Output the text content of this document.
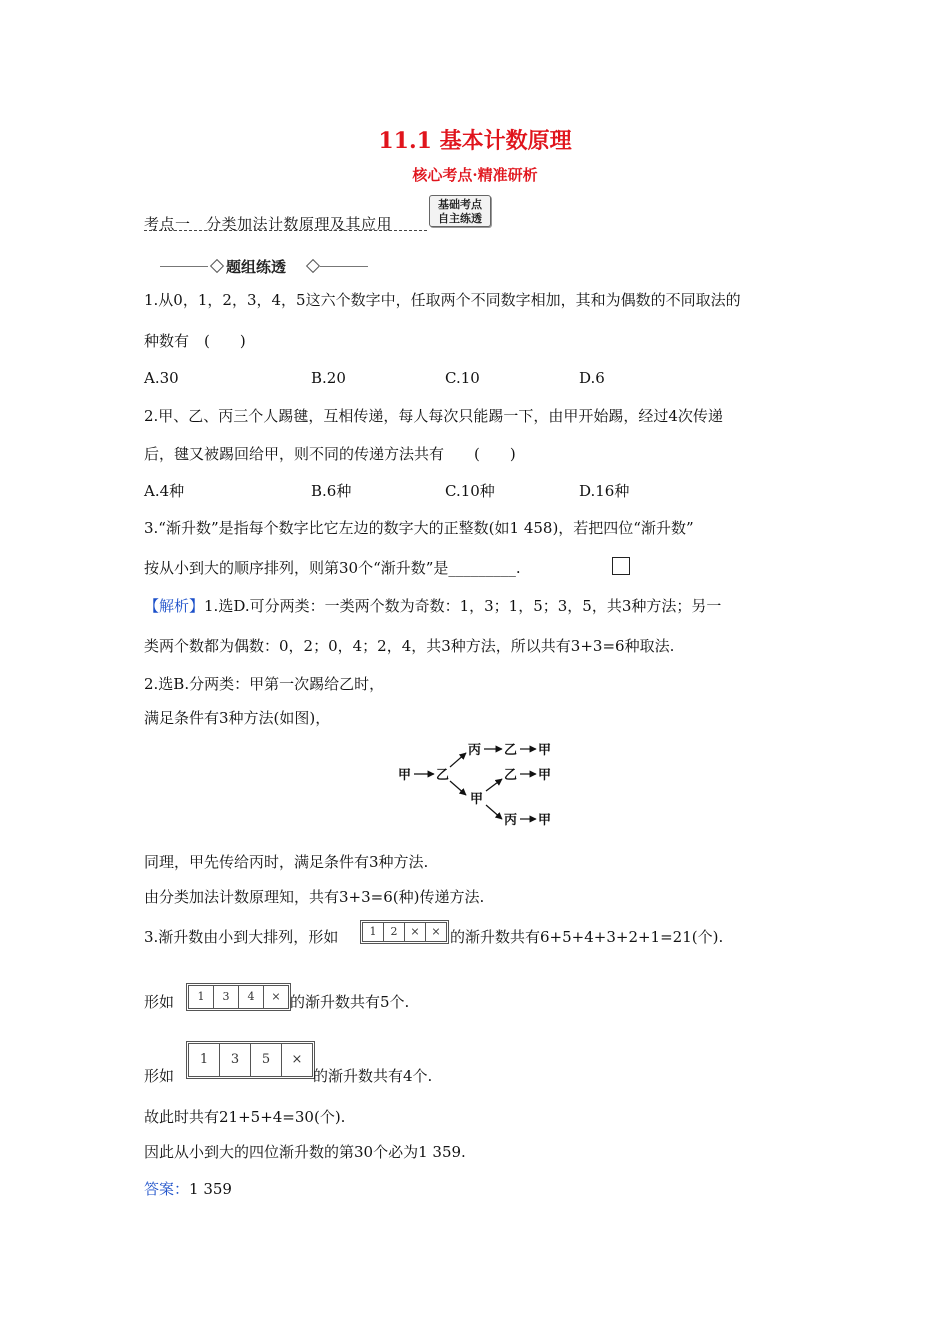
11.1 基本计数原理
核心考点·精准研析
考点一　分类加法计数原理及其应用
基础考点
自主练透
题组练透
1.从0，1，2，3，4，5这六个数字中，任取两个不同数字相加，其和为偶数的不同取法的
种数有　(　　)
A.30	B.20	C.10	D.6
2.甲、乙、丙三个人踢毽，互相传递，每人每次只能踢一下，由甲开始踢，经过4次传递
后，毽又被踢回给甲，则不同的传递方法共有　　(　　)
A.4种	B.6种	C.10种	D.16种
3.“渐升数”是指每个数字比它左边的数字大的正整数(如1 458)，若把四位“渐升数”
按从小到大的顺序排列，则第30个“渐升数”是_________.
【解析】1.选D.可分两类：一类两个数为奇数：1，3；1，5；3，5，共3种方法；另一
类两个数都为偶数：0，2；0，4；2，4，共3种方法，所以共有3+3=6种取法.
2.选B.分两类：甲第一次踢给乙时，
满足条件有3种方法(如图)，
甲 乙
丙 乙 甲
甲
乙 甲
丙 甲
同理，甲先传给丙时，满足条件有3种方法.
由分类加法计数原理知，共有3+3=6(种)传递方法.
3.渐升数由小到大排列，形如	1	2	×	× 的渐升数共有6+5+4+3+2+1=21(个).
形如	1	3	4	× 的渐升数共有5个.
形如
1	3	5	×
的渐升数共有4个.
故此时共有21+5+4=30(个).
因此从小到大的四位渐升数的第30个必为1 359.
答案：1 359
